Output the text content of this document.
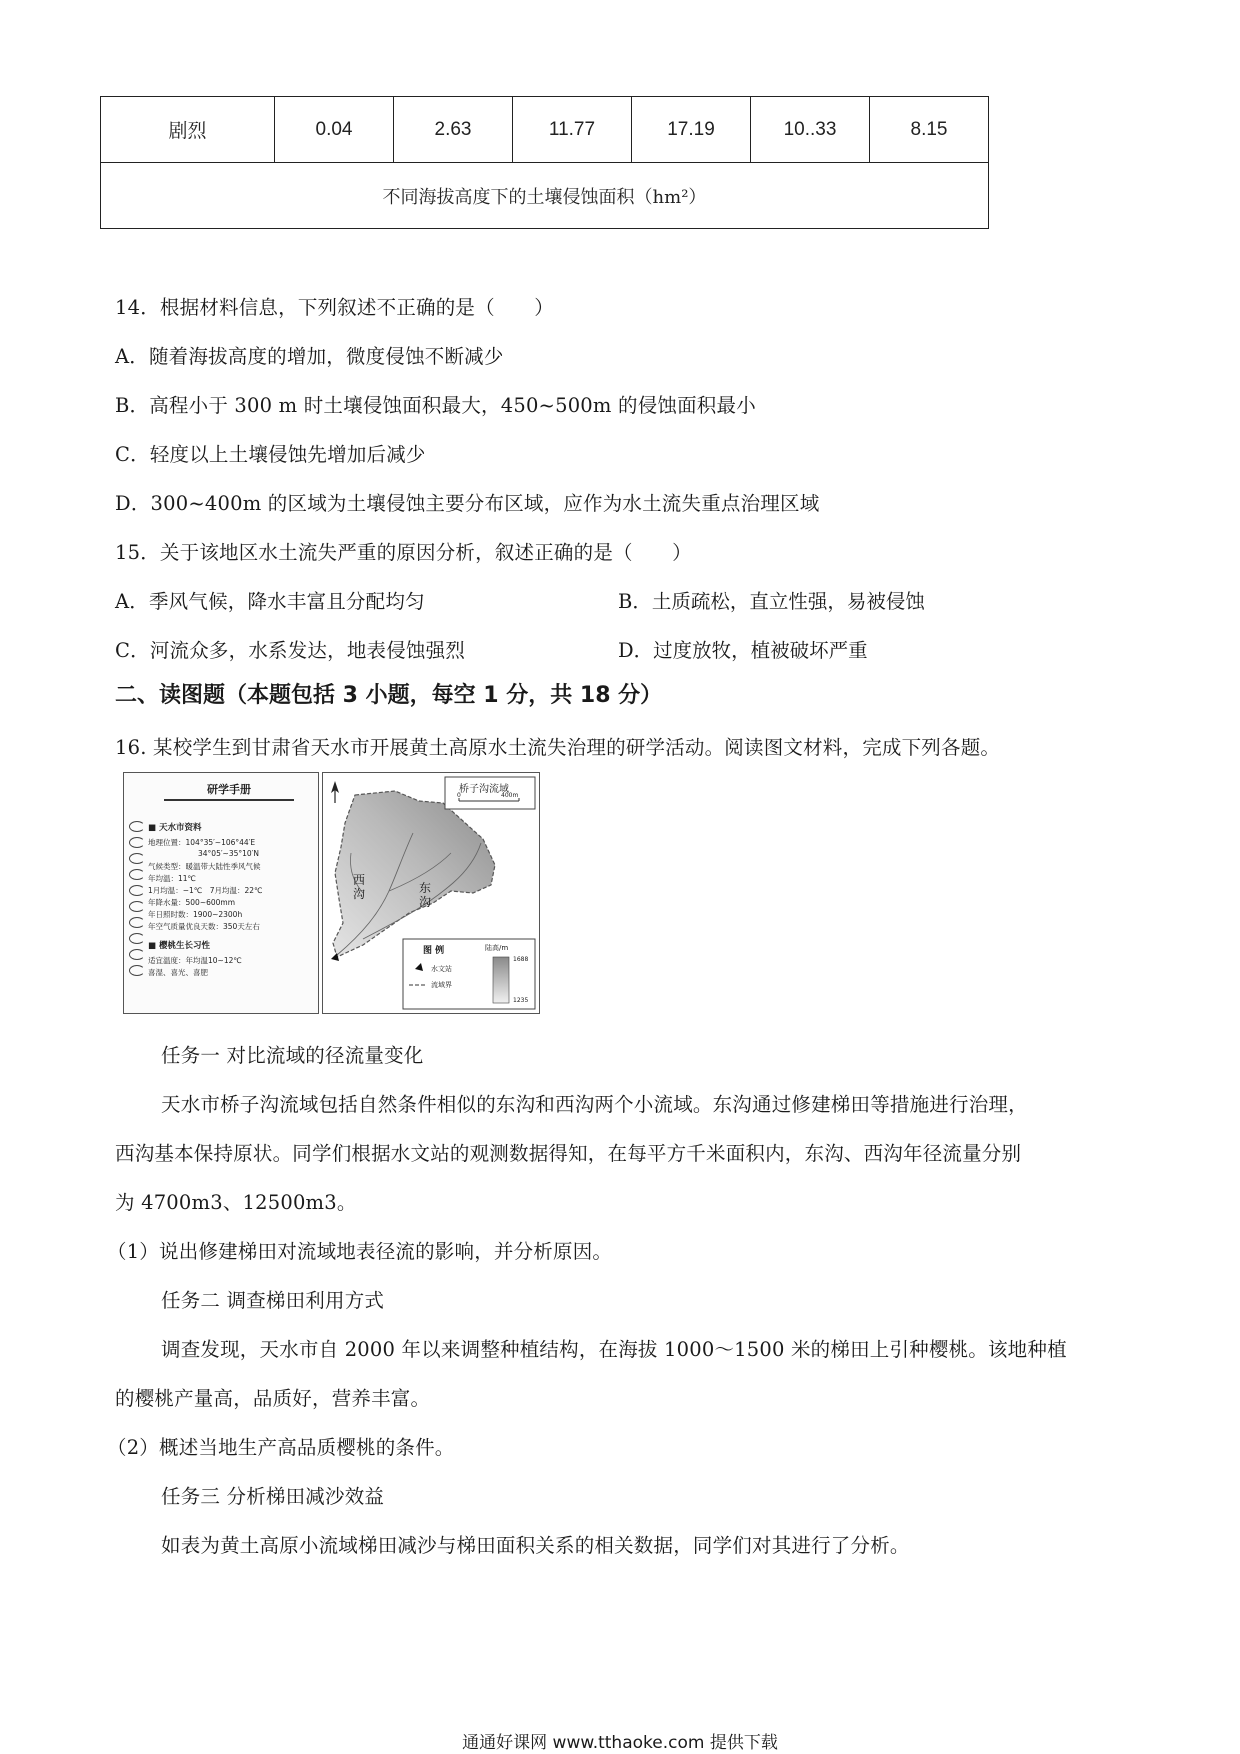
剧烈	0.04	2.63	11.77	17.19	10..33	8.15
不同海拔高度下的土壤侵蚀面积（hm²）
14．根据材料信息，下列叙述不正确的是（　　）
A．随着海拔高度的增加，微度侵蚀不断减少
B．高程小于 300 m 时土壤侵蚀面积最大，450~500m 的侵蚀面积最小
C．轻度以上土壤侵蚀先增加后减少
D．300~400m 的区域为土壤侵蚀主要分布区域，应作为水土流失重点治理区域
15．关于该地区水土流失严重的原因分析，叙述正确的是（　　）
A．季风气候，降水丰富且分配均匀	B．土质疏松，直立性强，易被侵蚀
C．河流众多，水系发达，地表侵蚀强烈	D．过度放牧，植被破坏严重
二、读图题（本题包括 3 小题，每空 1 分，共 18 分）
16. 某校学生到甘肃省天水市开展黄土高原水土流失治理的研学活动。阅读图文材料，完成下列各题。
研学手册
■ 天水市资料
地理位置：104°35′~106°44′E
34°05′~35°10′N
气候类型：暖温带大陆性季风气候
年均温：11℃
1月均温：−1℃　7月均温：22℃
年降水量：500~600mm
年日照时数：1900~2300h
年空气质量优良天数：350天左右
■ 樱桃生长习性
适宜温度：年均温10~12℃
喜湿、喜光、喜肥
桥子沟流域
0	400m
西沟	东沟
图 例	陆高/m
1688
1235
水文站
流域界
任务一 对比流域的径流量变化
天水市桥子沟流域包括自然条件相似的东沟和西沟两个小流域。东沟通过修建梯田等措施进行治理，
西沟基本保持原状。同学们根据水文站的观测数据得知，在每平方千米面积内，东沟、西沟年径流量分别
为 4700m3、12500m3。
（1）说出修建梯田对流域地表径流的影响，并分析原因。
任务二 调查梯田利用方式
调查发现，天水市自 2000 年以来调整种植结构，在海拔 1000～1500 米的梯田上引种樱桃。该地种植
的樱桃产量高，品质好，营养丰富。
（2）概述当地生产高品质樱桃的条件。
任务三 分析梯田减沙效益
如表为黄土高原小流域梯田减沙与梯田面积关系的相关数据，同学们对其进行了分析。
通通好课网 www.tthaoke.com 提供下载
